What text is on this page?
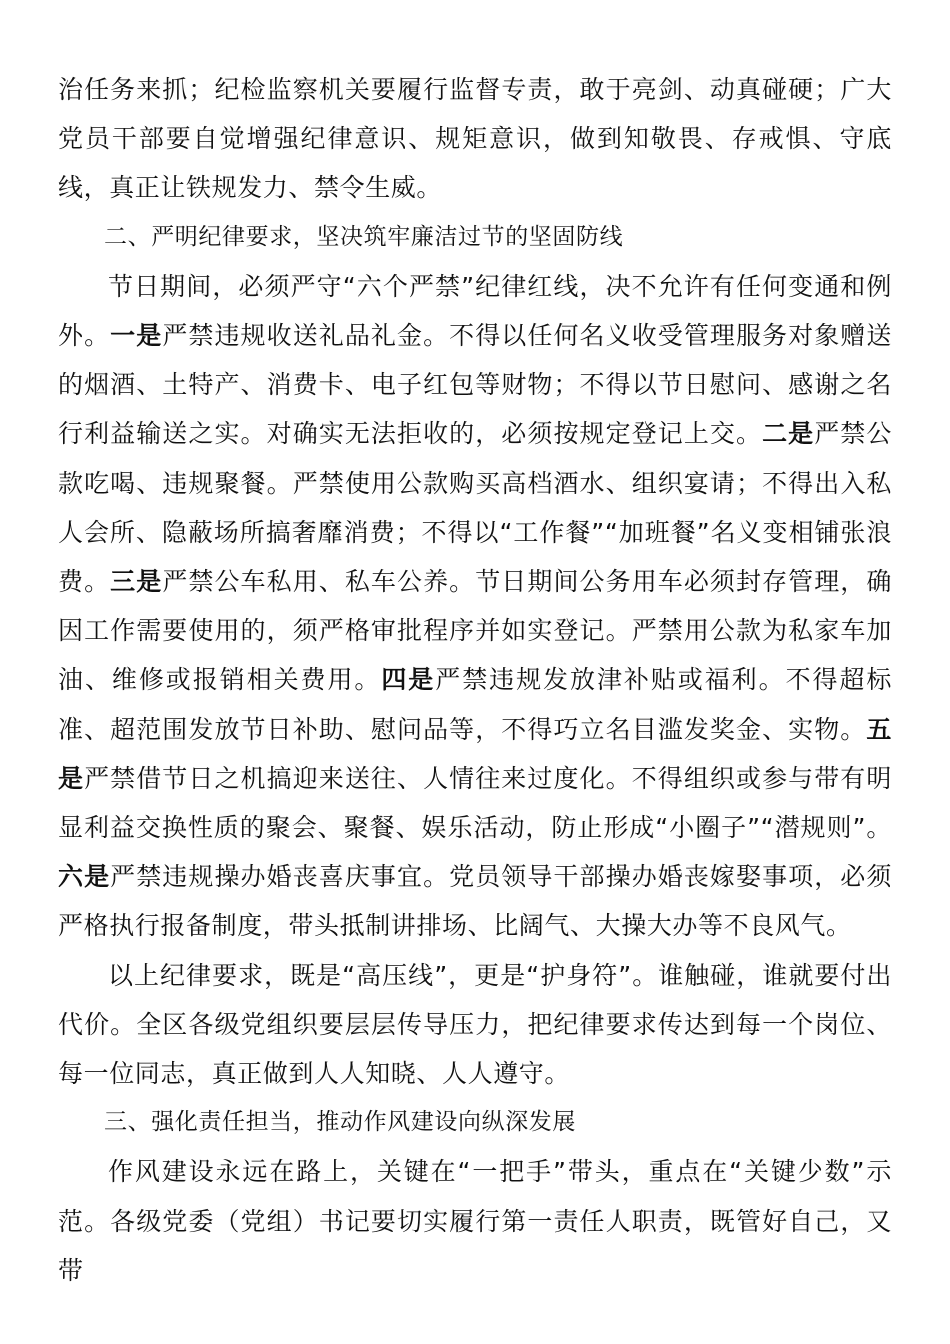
治任务来抓；纪检监察机关要履行监督专责，敢于亮剑、动真碰硬；广大党员干部要自觉增强纪律意识、规矩意识，做到知敬畏、存戒惧、守底线，真正让铁规发力、禁令生威。

二、严明纪律要求，坚决筑牢廉洁过节的坚固防线

节日期间，必须严守“六个严禁”纪律红线，决不允许有任何变通和例外。一是严禁违规收送礼品礼金。不得以任何名义收受管理服务对象赠送的烟酒、土特产、消费卡、电子红包等财物；不得以节日慰问、感谢之名行利益输送之实。对确实无法拒收的，必须按规定登记上交。二是严禁公款吃喝、违规聚餐。严禁使用公款购买高档酒水、组织宴请；不得出入私人会所、隐蔽场所搞奢靡消费；不得以“工作餐”“加班餐”名义变相铺张浪费。三是严禁公车私用、私车公养。节日期间公务用车必须封存管理，确因工作需要使用的，须严格审批程序并如实登记。严禁用公款为私家车加油、维修或报销相关费用。四是严禁违规发放津补贴或福利。不得超标准、超范围发放节日补助、慰问品等，不得巧立名目滥发奖金、实物。五是严禁借节日之机搞迎来送往、人情往来过度化。不得组织或参与带有明显利益交换性质的聚会、聚餐、娱乐活动，防止形成“小圈子”“潜规则”。六是严禁违规操办婚丧喜庆事宜。党员领导干部操办婚丧嫁娶事项，必须严格执行报备制度，带头抵制讲排场、比阔气、大操大办等不良风气。

以上纪律要求，既是“高压线”，更是“护身符”。谁触碰，谁就要付出代价。全区各级党组织要层层传导压力，把纪律要求传达到每一个岗位、每一位同志，真正做到人人知晓、人人遵守。

三、强化责任担当，推动作风建设向纵深发展

作风建设永远在路上，关键在“一把手”带头，重点在“关键少数”示范。各级党委（党组）书记要切实履行第一责任人职责，既管好自己，又带
